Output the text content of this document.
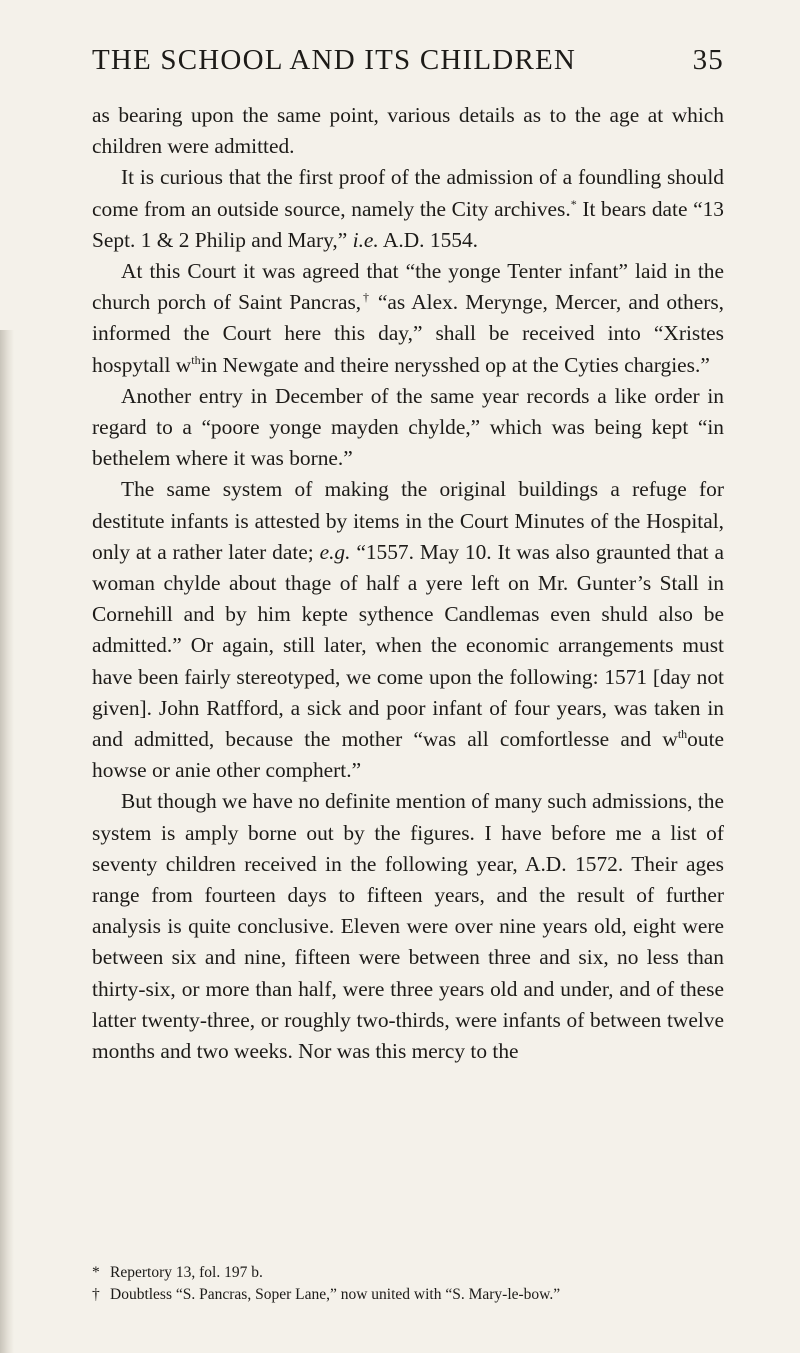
THE SCHOOL AND ITS CHILDREN	35

as bearing upon the same point, various details as to the age at which children were admitted.

It is curious that the first proof of the admission of a foundling should come from an outside source, namely the City archives.* It bears date “13 Sept. 1 & 2 Philip and Mary,” i.e. A.D. 1554.

At this Court it was agreed that “the yonge Tenter infant” laid in the church porch of Saint Pancras,† “as Alex. Merynge, Mercer, and others, informed the Court here this day,” shall be received into “Xristes hospytall $w^{th}in$ Newgate and theire nerysshed op at the Cyties chargies.”

Another entry in December of the same year records a like order in regard to a “poore yonge mayden chylde,” which was being kept “in bethelem where it was borne.”

The same system of making the original buildings a refuge for destitute infants is attested by items in the Court Minutes of the Hospital, only at a rather later date; e.g. “1557. May 10. It was also graunted that a woman chylde about thage of half a yere left on Mr. Gunter’s Stall in Cornehill and by him kepte sythence Candlemas even shuld also be admitted.” Or again, still later, when the economic arrangements must have been fairly stereotyped, we come upon the following: 1571 [day not given]. John Ratfford, a sick and poor infant of four years, was taken in and admitted, because the mother “was all comfortlesse and $w^{th}oute$ howse or anie other comphert.”

But though we have no definite mention of many such admissions, the system is amply borne out by the figures. I have before me a list of seventy children received in the following year, A.D. 1572. Their ages range from fourteen days to fifteen years, and the result of further analysis is quite conclusive. Eleven were over nine years old, eight were between six and nine, fifteen were between three and six, no less than thirty-six, or more than half, were three years old and under, and of these latter twenty-three, or roughly two-thirds, were infants of between twelve months and two weeks. Nor was this mercy to the

* Repertory 13, fol. 197 b.

† Doubtless “S. Pancras, Soper Lane,” now united with “S. Mary-le-bow.”
